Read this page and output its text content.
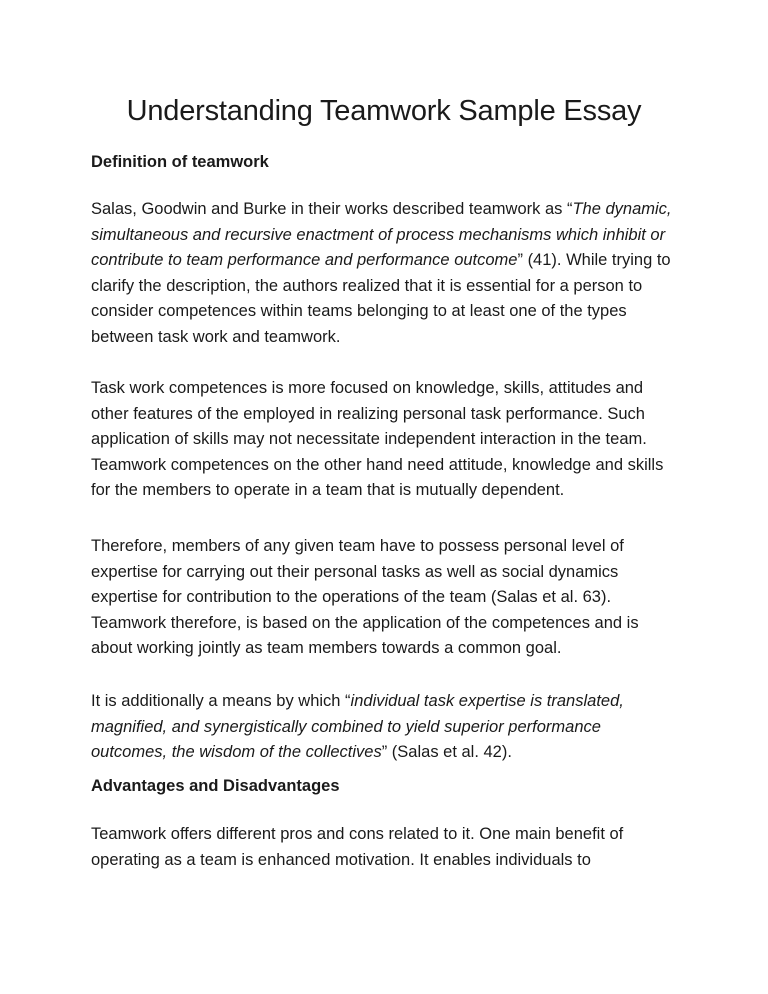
Understanding Teamwork Sample Essay
Definition of teamwork

Salas, Goodwin and Burke in their works described teamwork as “The dynamic, simultaneous and recursive enactment of process mechanisms which inhibit or contribute to team performance and performance outcome” (41). While trying to clarify the description, the authors realized that it is essential for a person to consider competences within teams belonging to at least one of the types between task work and teamwork.

Task work competences is more focused on knowledge, skills, attitudes and other features of the employed in realizing personal task performance. Such application of skills may not necessitate independent interaction in the team. Teamwork competences on the other hand need attitude, knowledge and skills for the members to operate in a team that is mutually dependent.

Therefore, members of any given team have to possess personal level of expertise for carrying out their personal tasks as well as social dynamics expertise for contribution to the operations of the team (Salas et al. 63). Teamwork therefore, is based on the application of the competences and is about working jointly as team members towards a common goal.

It is additionally a means by which “individual task expertise is translated, magnified, and synergistically combined to yield superior performance outcomes, the wisdom of the collectives” (Salas et al. 42).

Advantages and Disadvantages

Teamwork offers different pros and cons related to it. One main benefit of operating as a team is enhanced motivation. It enables individuals to
